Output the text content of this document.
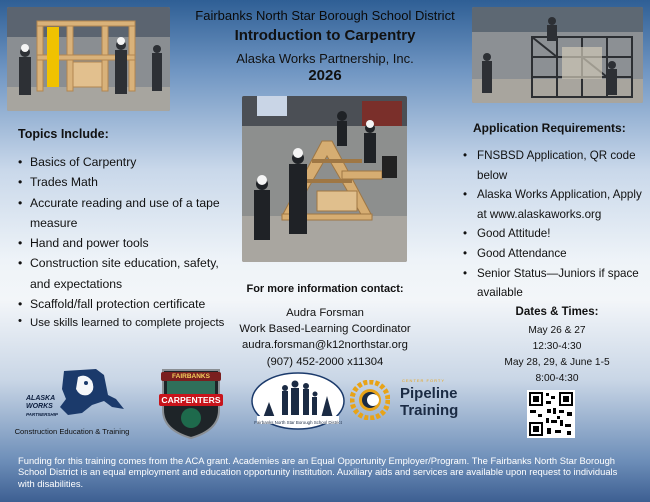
Fairbanks North Star Borough School District
Introduction to Carpentry
Alaska Works Partnership, Inc.
2026
Topics Include:
• Basics of Carpentry
• Trades Math
• Accurate reading and use of a tape measure
• Hand and power tools
• Construction site education, safety, and expectations
• Scaffold/fall protection certificate
• Use skills learned to complete projects
Application Requirements:
• FNSBSD Application, QR code below
• Alaska Works Application, Apply at www.alaskaworks.org
• Good Attitude!
• Good Attendance
• Senior Status—Juniors if space available
Dates & Times:
May 26 & 27
12:30-4:30
May 28, 29, & June 1-5
8:00-4:30
For more information contact:
Audra Forsman
Work Based-Learning Coordinator
audra.forsman@k12northstar.org
(907) 452-2000 x11304
ALASKA
WORKS
PARTNERSHIP
Construction Education & Training
FAIRBANKS
CARPENTERS
Fairbanks North Star Borough School District
CENTER FORTY
Pipeline
Training
Funding for this training comes from the ACA grant. Academies are an Equal Opportunity Employer/Program. The Fairbanks North Star Borough School District is an equal employment and education opportunity institution. Auxiliary aids and services are available upon request to individuals with disabilities.
